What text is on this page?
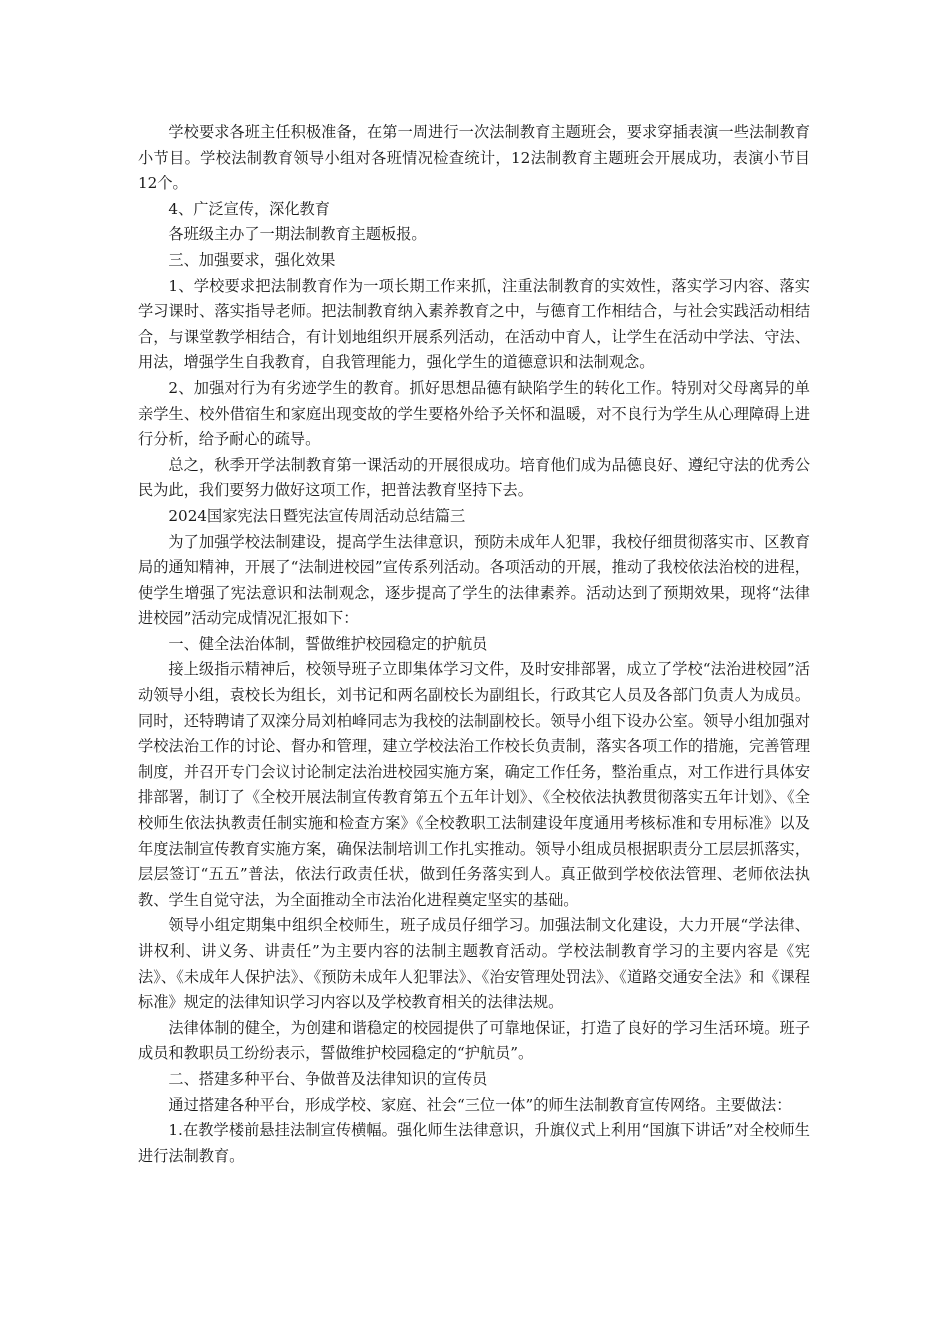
学校要求各班主任积极准备，在第一周进行一次法制教育主题班会，要求穿插表演一些法制教育小节目。学校法制教育领导小组对各班情况检查统计，12法制教育主题班会开展成功，表演小节目12个。

4、广泛宣传，深化教育

各班级主办了一期法制教育主题板报。

三、加强要求，强化效果

1、学校要求把法制教育作为一项长期工作来抓，注重法制教育的实效性，落实学习内容、落实学习课时、落实指导老师。把法制教育纳入素养教育之中，与德育工作相结合，与社会实践活动相结合，与课堂教学相结合，有计划地组织开展系列活动，在活动中育人，让学生在活动中学法、守法、用法，增强学生自我教育，自我管理能力，强化学生的道德意识和法制观念。

2、加强对行为有劣迹学生的教育。抓好思想品德有缺陷学生的转化工作。特别对父母离异的单亲学生、校外借宿生和家庭出现变故的学生要格外给予关怀和温暖，对不良行为学生从心理障碍上进行分析，给予耐心的疏导。

总之，秋季开学法制教育第一课活动的开展很成功。培育他们成为品德良好、遵纪守法的优秀公民为此，我们要努力做好这项工作，把普法教育坚持下去。

2024国家宪法日暨宪法宣传周活动总结篇三

为了加强学校法制建设，提高学生法律意识，预防未成年人犯罪，我校仔细贯彻落实市、区教育局的通知精神，开展了“法制进校园”宣传系列活动。各项活动的开展，推动了我校依法治校的进程，使学生增强了宪法意识和法制观念，逐步提高了学生的法律素养。活动达到了预期效果，现将“法律进校园”活动完成情况汇报如下：

一、健全法治体制，誓做维护校园稳定的护航员

接上级指示精神后，校领导班子立即集体学习文件，及时安排部署，成立了学校“法治进校园”活动领导小组，袁校长为组长，刘书记和两名副校长为副组长，行政其它人员及各部门负责人为成员。同时，还特聘请了双滦分局刘柏峰同志为我校的法制副校长。领导小组下设办公室。领导小组加强对学校法治工作的讨论、督办和管理，建立学校法治工作校长负责制，落实各项工作的措施，完善管理制度，并召开专门会议讨论制定法治进校园实施方案，确定工作任务，整治重点，对工作进行具体安排部署，制订了《全校开展法制宣传教育第五个五年计划》、《全校依法执教贯彻落实五年计划》、《全校师生依法执教责任制实施和检查方案》《全校教职工法制建设年度通用考核标准和专用标准》以及年度法制宣传教育实施方案，确保法制培训工作扎实推动。领导小组成员根据职责分工层层抓落实，层层签订“五五”普法，依法行政责任状，做到任务落实到人。真正做到学校依法管理、老师依法执教、学生自觉守法，为全面推动全市法治化进程奠定坚实的基础。

领导小组定期集中组织全校师生，班子成员仔细学习。加强法制文化建设，大力开展“学法律、讲权利、讲义务、讲责任”为主要内容的法制主题教育活动。学校法制教育学习的主要内容是《宪法》、《未成年人保护法》、《预防未成年人犯罪法》、《治安管理处罚法》、《道路交通安全法》和《课程标准》规定的法律知识学习内容以及学校教育相关的法律法规。

法律体制的健全，为创建和谐稳定的校园提供了可靠地保证，打造了良好的学习生活环境。班子成员和教职员工纷纷表示，誓做维护校园稳定的“护航员”。

二、搭建多种平台、争做普及法律知识的宣传员

通过搭建各种平台，形成学校、家庭、社会“三位一体”的师生法制教育宣传网络。主要做法：

1.在教学楼前悬挂法制宣传横幅。强化师生法律意识，升旗仪式上利用“国旗下讲话”对全校师生进行法制教育。
